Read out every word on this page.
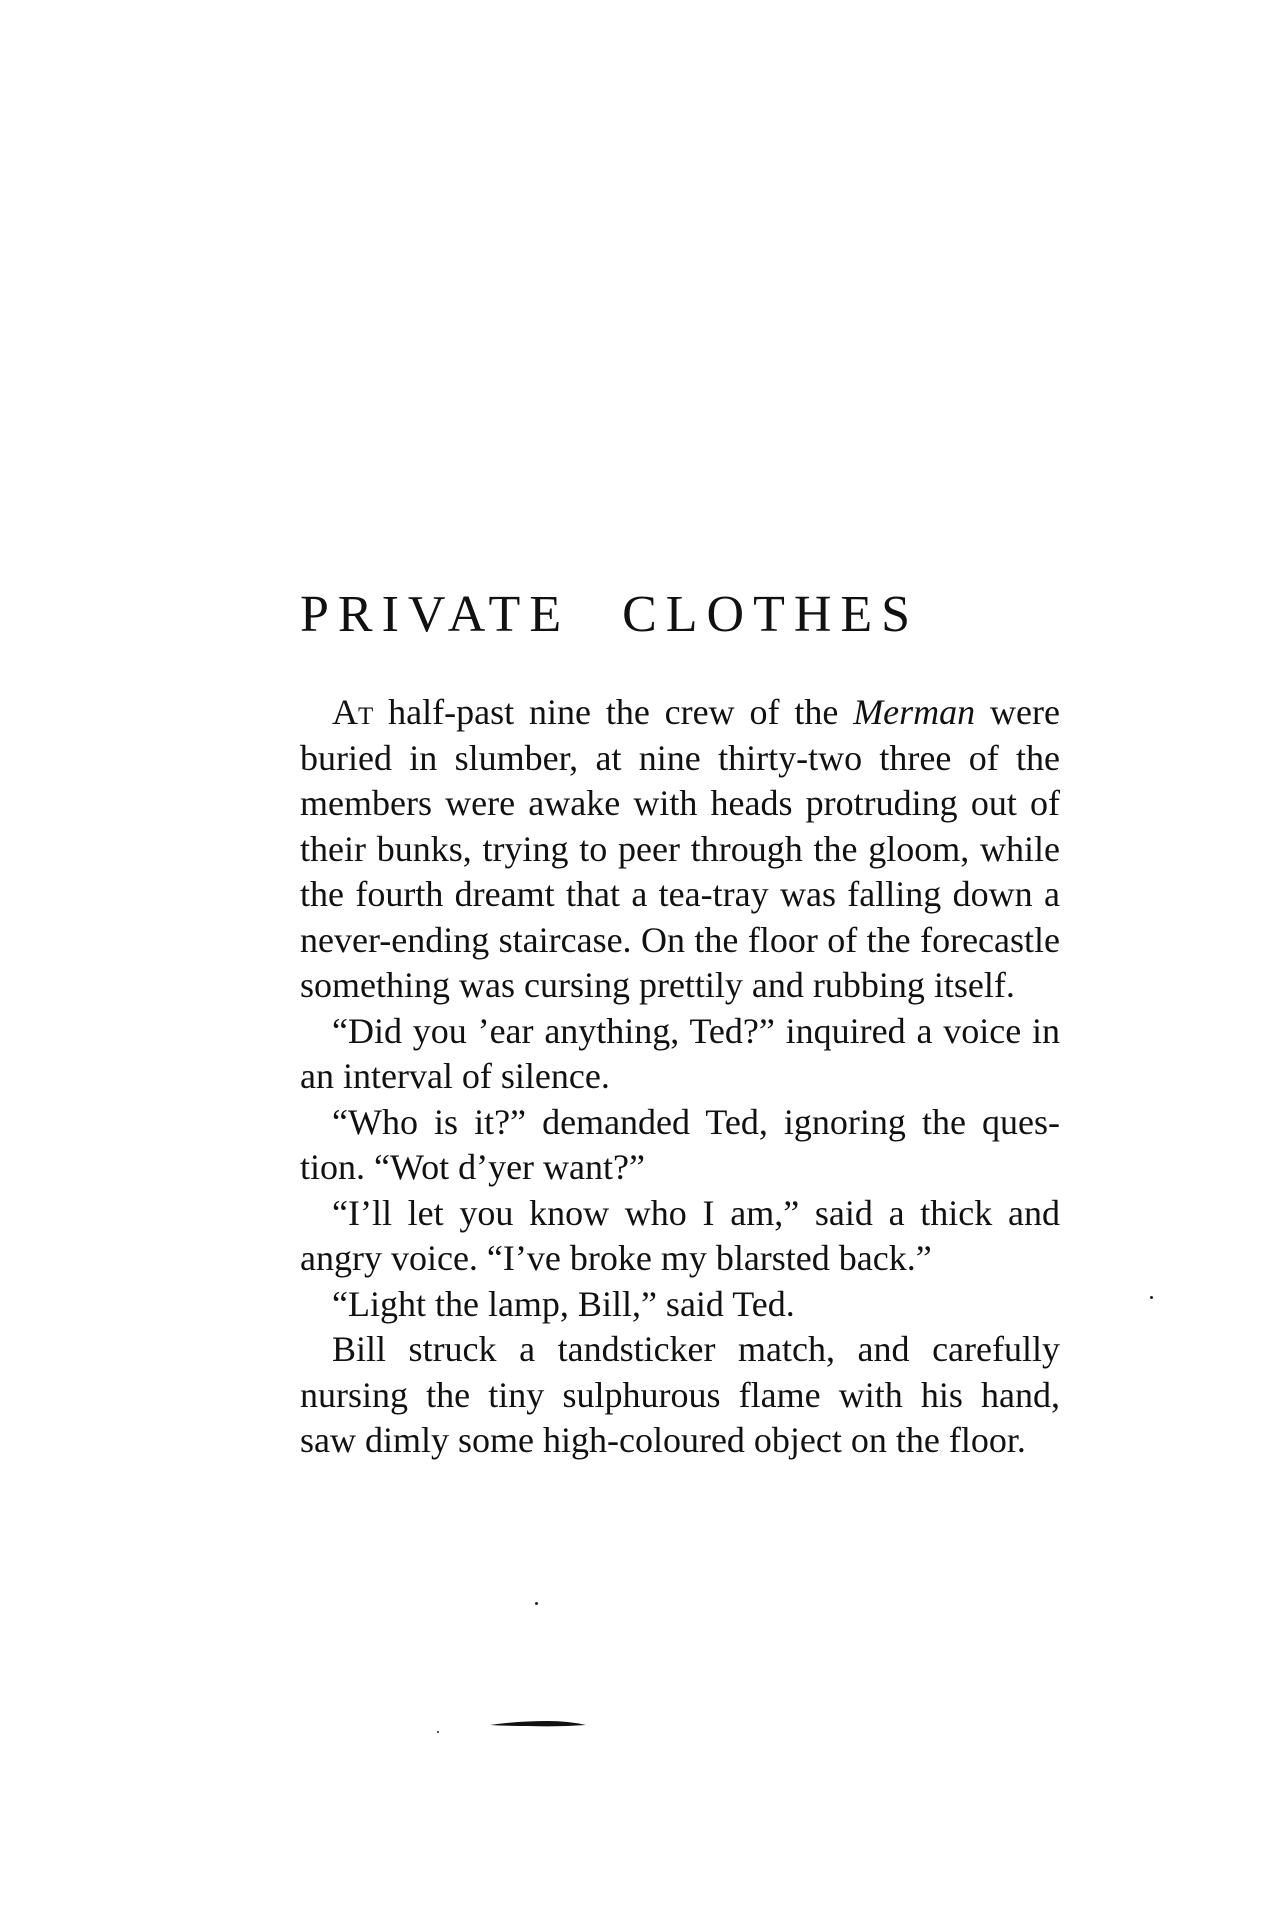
PRIVATE CLOTHES

At half-past nine the crew of the Merman were buried in slumber, at nine thirty-two three of the members were awake with heads protruding out of their bunks, trying to peer through the gloom, while the fourth dreamt that a tea-tray was falling down a never-ending staircase. On the floor of the forecastle something was cursing prettily and rubbing itself.

“Did you ’ear anything, Ted?” inquired a voice in an interval of silence.

“Who is it?” demanded Ted, ignoring the question. “Wot d’yer want?”

“I’ll let you know who I am,” said a thick and angry voice. “I’ve broke my blarsted back.”

“Light the lamp, Bill,” said Ted.

Bill struck a tandsticker match, and carefully nursing the tiny sulphurous flame with his hand, saw dimly some high-coloured object on the floor.
